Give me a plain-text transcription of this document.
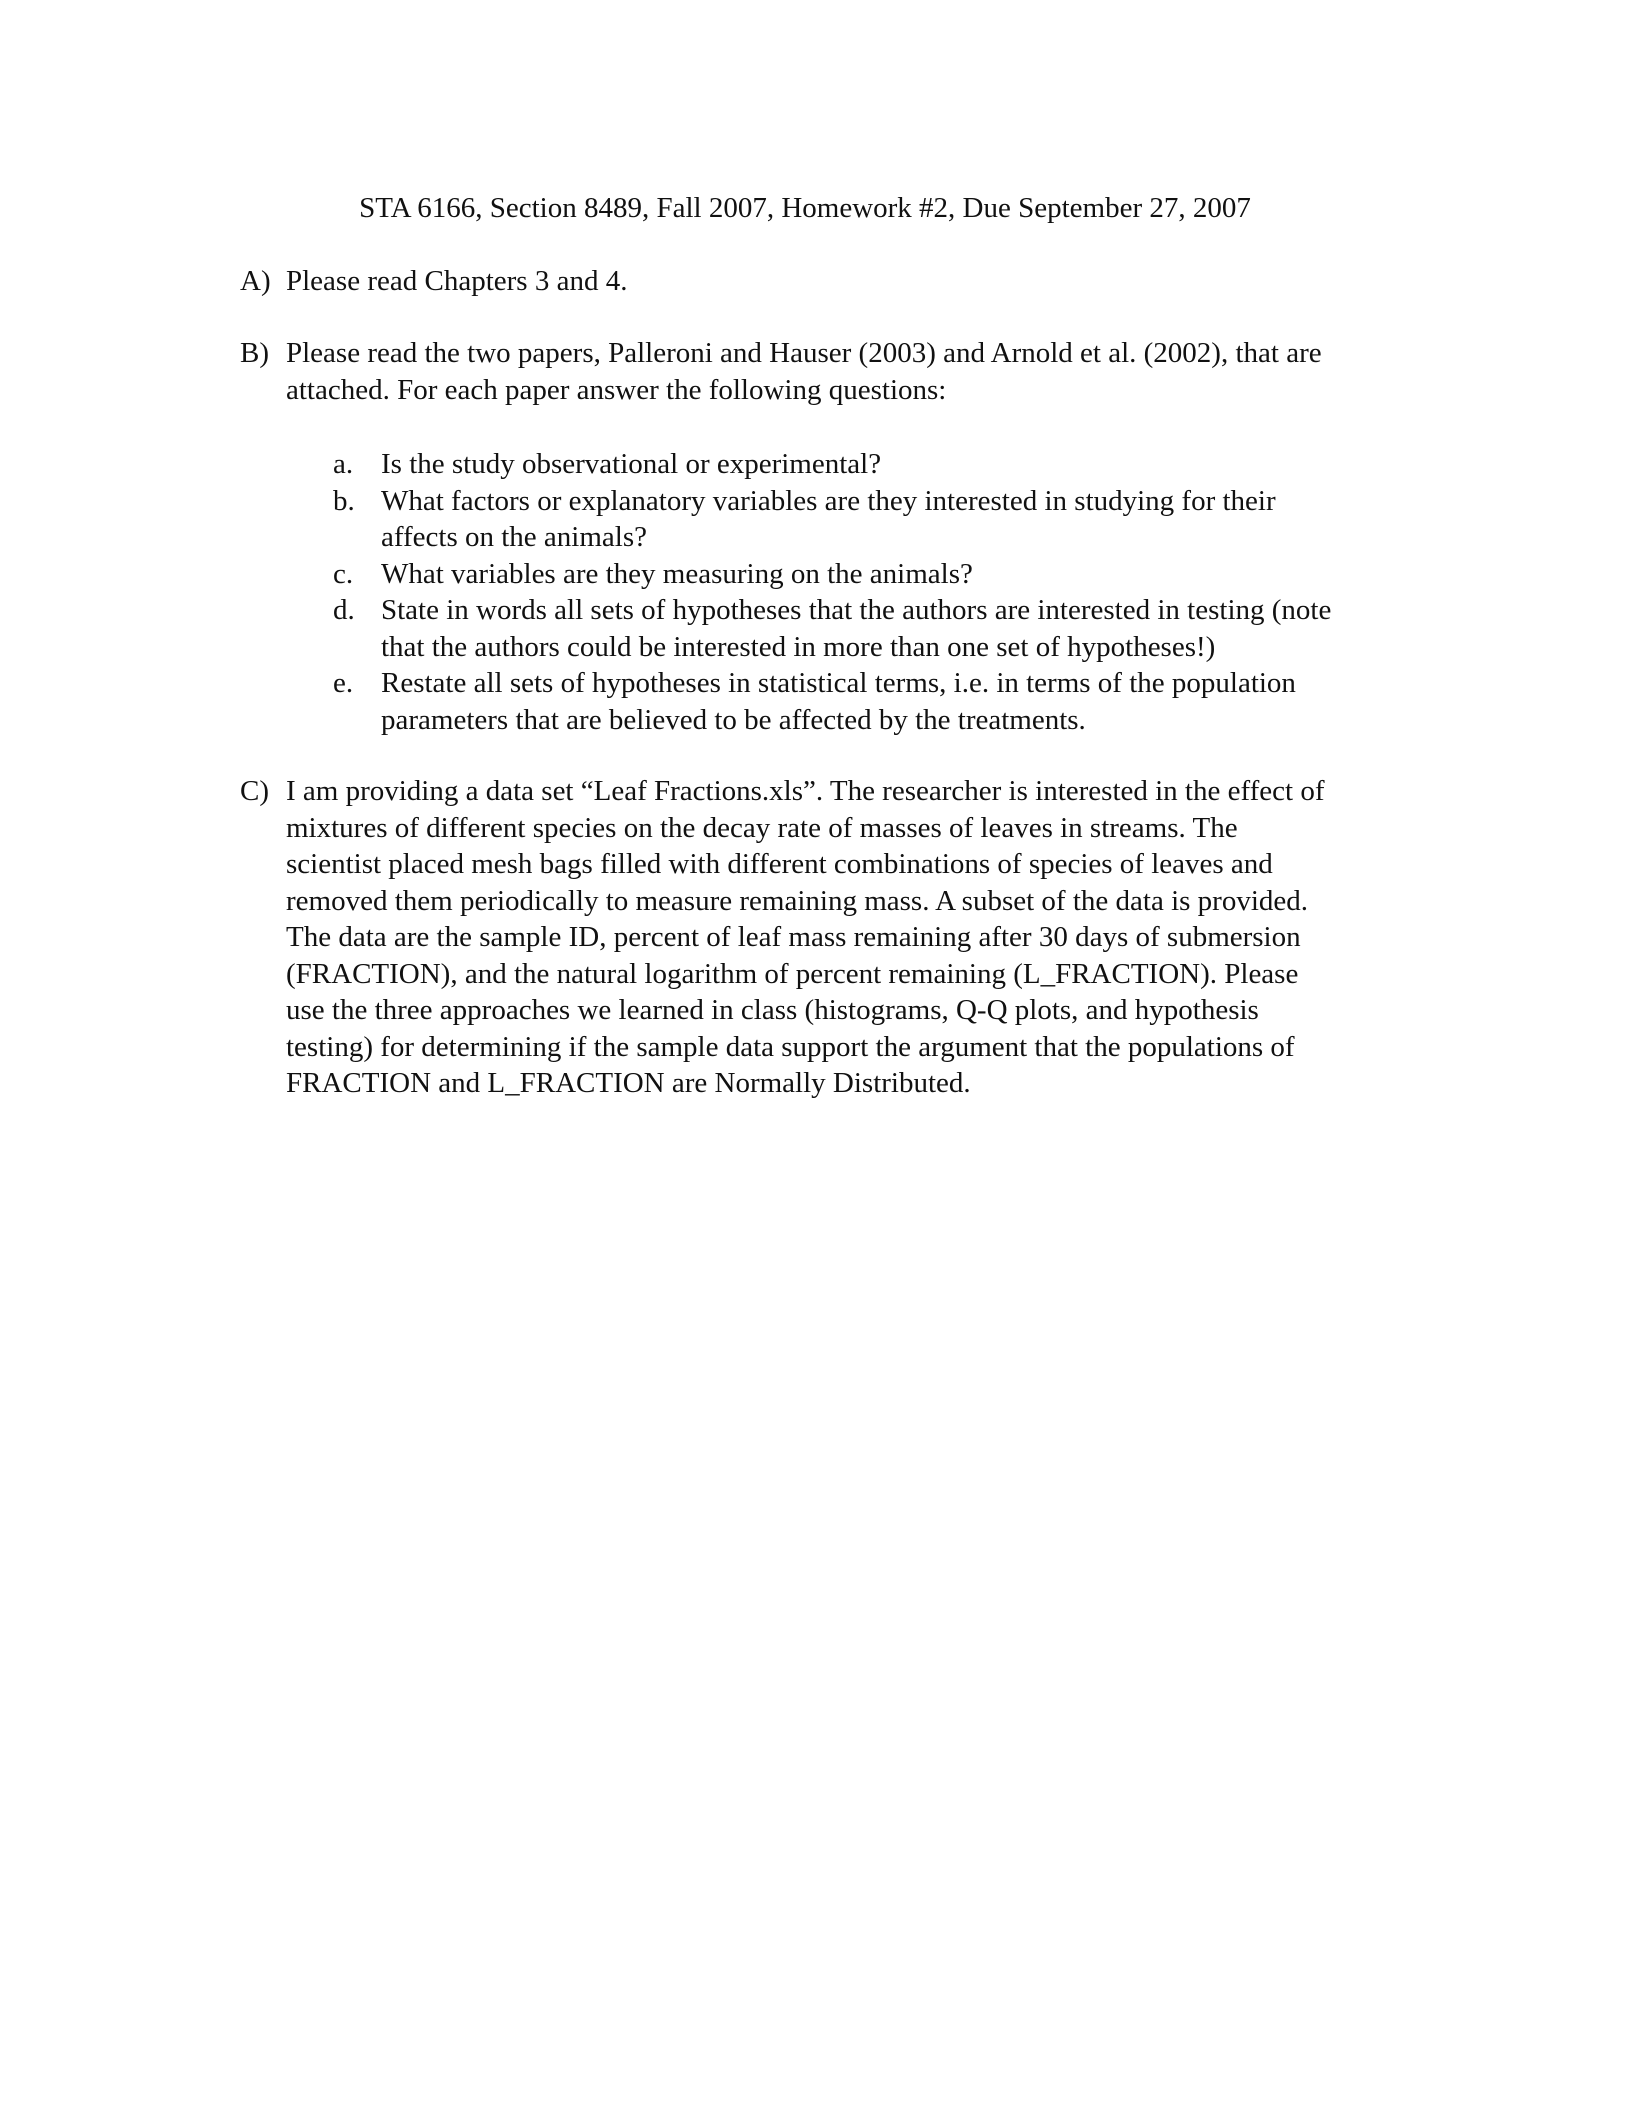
STA 6166, Section 8489, Fall 2007, Homework #2, Due September 27, 2007
A) Please read Chapters 3 and 4.
B) Please read the two papers, Palleroni and Hauser (2003) and Arnold et al. (2002), that are
attached. For each paper answer the following questions:
a. Is the study observational or experimental?
b. What factors or explanatory variables are they interested in studying for their
affects on the animals?
c. What variables are they measuring on the animals?
d. State in words all sets of hypotheses that the authors are interested in testing (note
that the authors could be interested in more than one set of hypotheses!)
e. Restate all sets of hypotheses in statistical terms, i.e. in terms of the population
parameters that are believed to be affected by the treatments.
C) I am providing a data set “Leaf Fractions.xls”. The researcher is interested in the effect of
mixtures of different species on the decay rate of masses of leaves in streams. The
scientist placed mesh bags filled with different combinations of species of leaves and
removed them periodically to measure remaining mass. A subset of the data is provided.
The data are the sample ID, percent of leaf mass remaining after 30 days of submersion
(FRACTION), and the natural logarithm of percent remaining (L_FRACTION). Please
use the three approaches we learned in class (histograms, Q-Q plots, and hypothesis
testing) for determining if the sample data support the argument that the populations of
FRACTION and L_FRACTION are Normally Distributed.
